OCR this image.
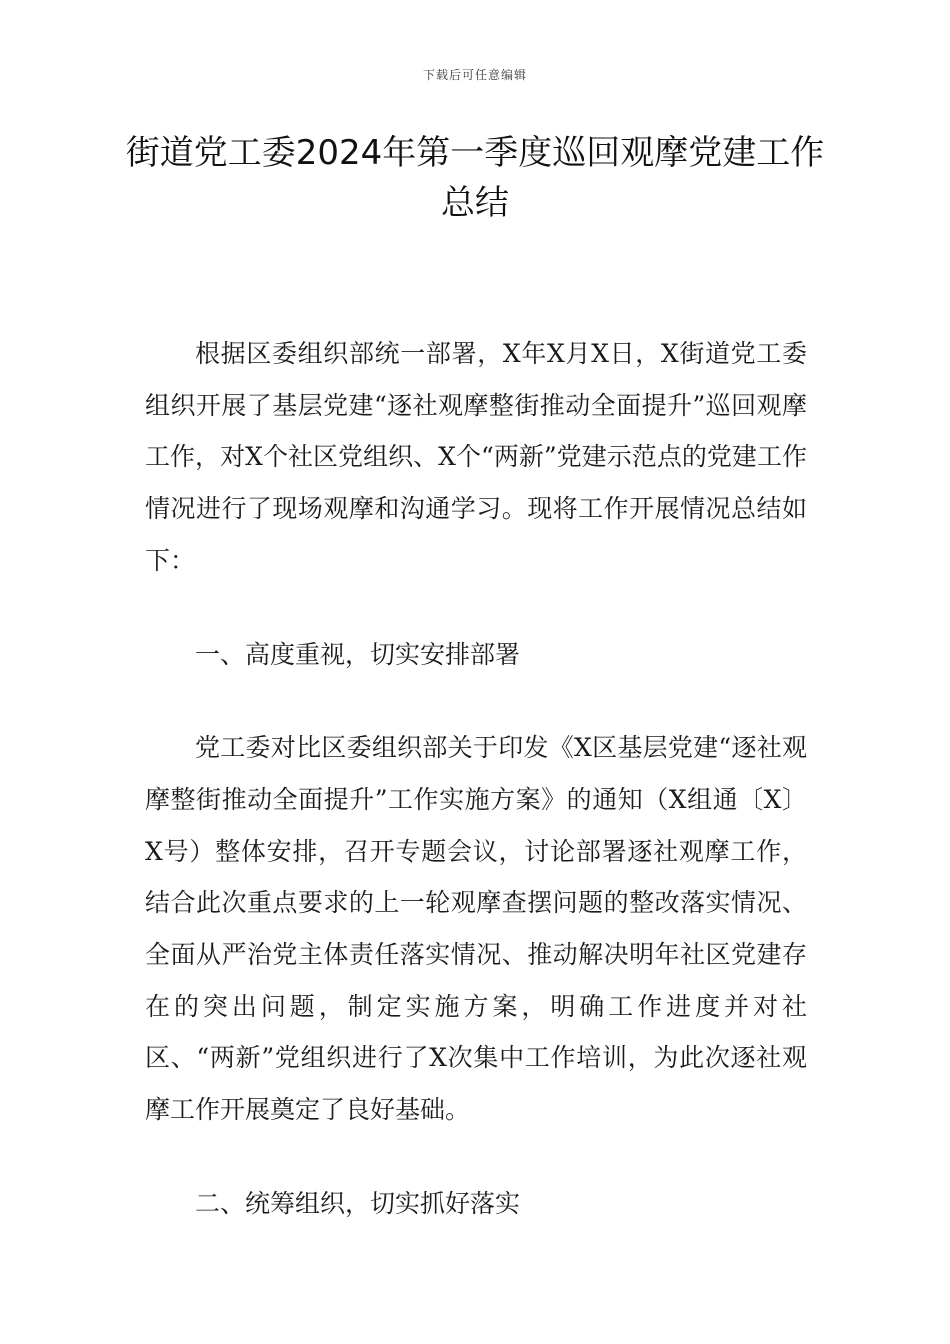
下载后可任意编辑
街道党工委2024年第一季度巡回观摩党建工作总结

根据区委组织部统一部署，X年X月X日，X街道党工委组织开展了基层党建“逐社观摩整街推动全面提升”巡回观摩工作，对X个社区党组织、X个“两新”党建示范点的党建工作情况进行了现场观摩和沟通学习。现将工作开展情况总结如下：

一、高度重视，切实安排部署

党工委对比区委组织部关于印发《X区基层党建“逐社观摩整街推动全面提升”工作实施方案》的通知（X组通〔X〕X号）整体安排，召开专题会议，讨论部署逐社观摩工作，结合此次重点要求的上一轮观摩查摆问题的整改落实情况、全面从严治党主体责任落实情况、推动解决明年社区党建存在的突出问题，制定实施方案，明确工作进度并对社区、“两新”党组织进行了X次集中工作培训，为此次逐社观摩工作开展奠定了良好基础。

二、统筹组织，切实抓好落实
